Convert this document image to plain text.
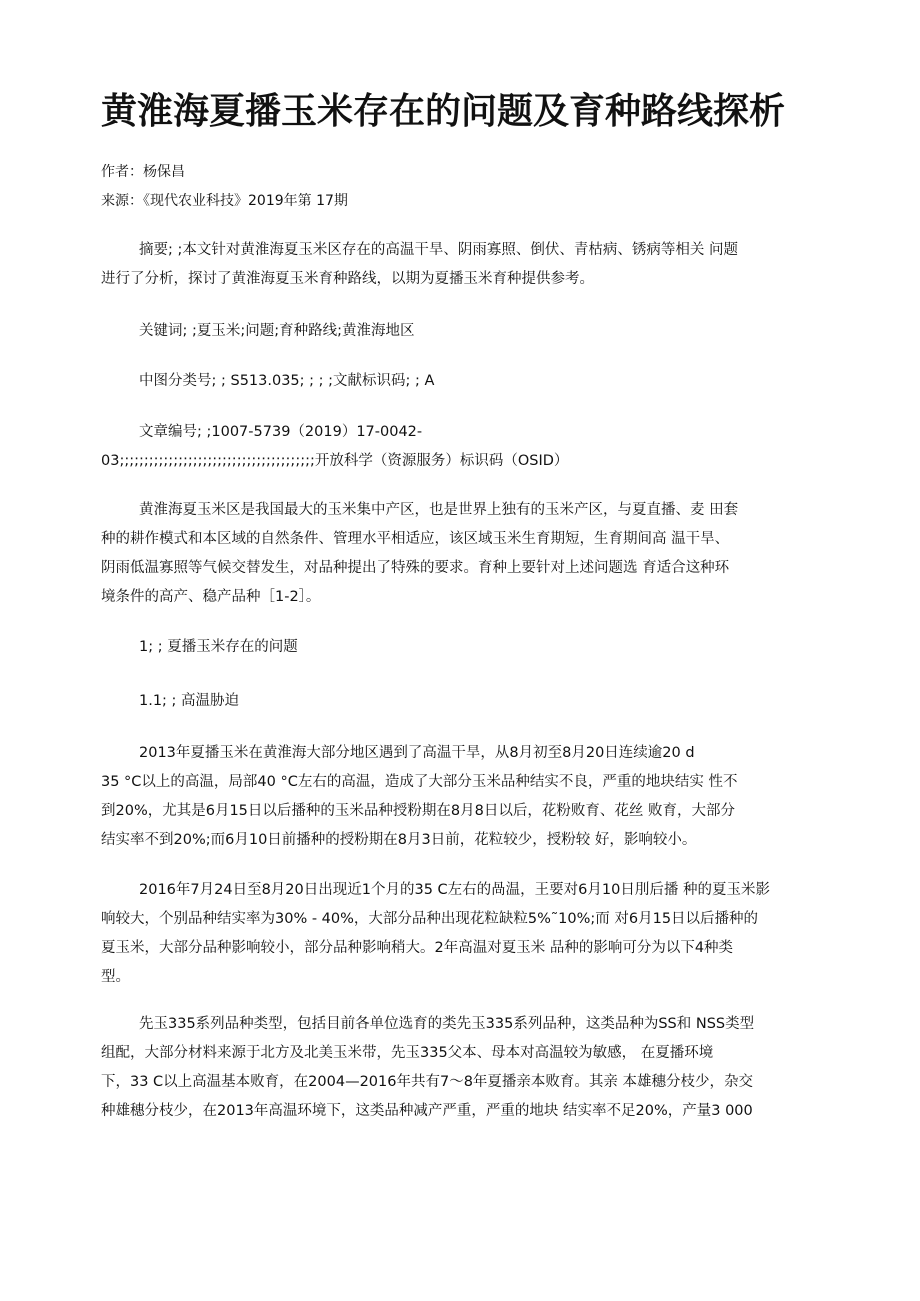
黄淮海夏播玉米存在的问题及育种路线探析
作者：杨保昌
来源：《现代农业科技》2019年第 17期
摘要; ;本文针对黄淮海夏玉米区存在的高温干旱、阴雨寡照、倒伏、青枯病、锈病等相关 问题
进行了分析，探讨了黄淮海夏玉米育种路线，以期为夏播玉米育种提供参考。
关键词; ;夏玉米;问题;育种路线;黄淮海地区
中图分类号; ; S513.035; ; ; ;文献标识码; ; A
文章编号; ;1007-5739（2019）17-0042-
03;;;;;;;;;;;;;;;;;;;;;;;;;;;;;;;;;;;;;;;;开放科学（资源服务）标识码（OSID）
黄淮海夏玉米区是我国最大的玉米集中产区，也是世界上独有的玉米产区，与夏直播、麦 田套
种的耕作模式和本区域的自然条件、管理水平相适应，该区域玉米生育期短，生育期间高 温干旱、
阴雨低温寡照等气候交替发生，对品种提出了特殊的要求。育种上要针对上述问题选 育适合这种环
境条件的高产、稳产品种［1-2］。
1; ; 夏播玉米存在的问题
1.1; ; 高温胁迫
2013年夏播玉米在黄淮海大部分地区遇到了高温干旱，从8月初至8月20日连续逾20 d
35 °C以上的高温，局部40 °C左右的高温，造成了大部分玉米品种结实不良，严重的地块结实 性不
到20%，尤其是6月15日以后播种的玉米品种授粉期在8月8日以后，花粉败育、花丝 败育，大部分
结实率不到20%;而6月10日前播种的授粉期在8月3日前，花粒较少，授粉较 好，影响较小。
2016年7月24日至8月20日出现近1个月的35 C左右的咼温，王要对6月10日刖后播 种的夏玉米影
响较大，个别品种结实率为30% - 40%，大部分品种出现花粒缺粒5%˜10%;而 对6月15日以后播种的
夏玉米，大部分品种影响较小，部分品种影响稍大。2年高温对夏玉米 品种的影响可分为以下4种类
型。
先玉335系列品种类型，包括目前各单位选育的类先玉335系列品种，这类品种为SS和 NSS类型
组配，大部分材料来源于北方及北美玉米带，先玉335父本、母本对高温较为敏感， 在夏播环境
下，33 C以上高温基本败育，在2004—2016年共有7〜8年夏播亲本败育。其亲 本雄穗分枝少，杂交
种雄穗分枝少，在2013年高温环境下，这类品种减产严重，严重的地块 结实率不足20%，产量3 000
